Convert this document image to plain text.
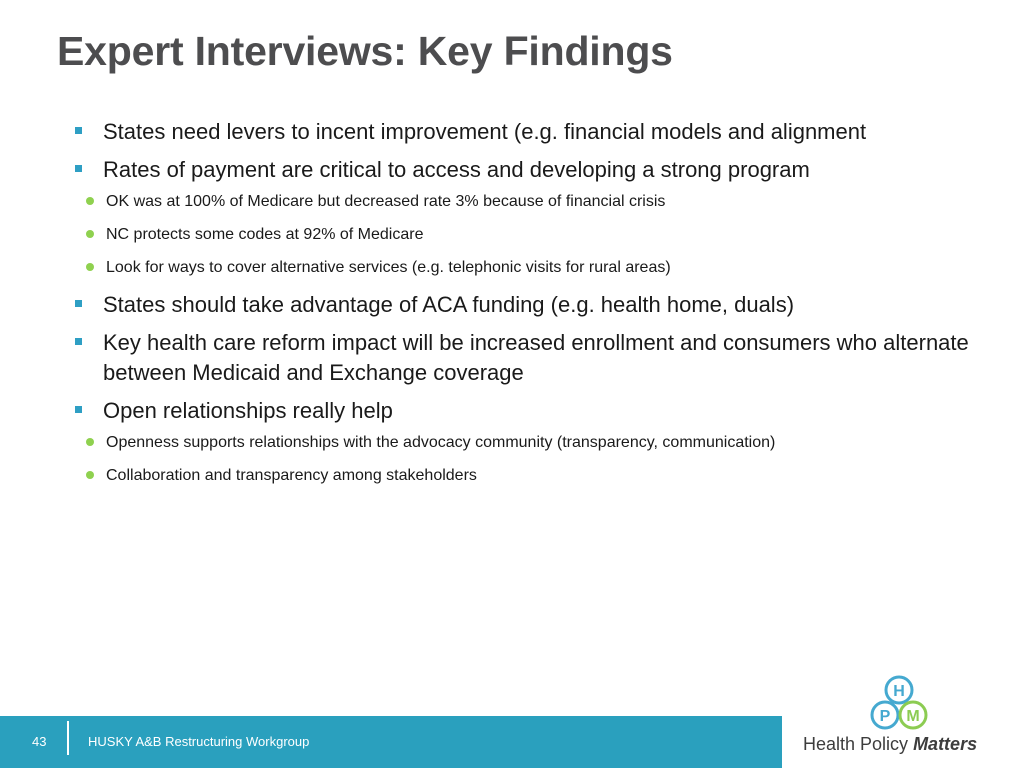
Expert Interviews: Key Findings
States need levers to incent improvement (e.g. financial models and alignment
Rates of payment are critical to access and developing a strong program
OK was at 100% of Medicare but decreased rate 3% because of financial crisis
NC protects some codes at 92% of Medicare
Look for ways to cover alternative services (e.g. telephonic visits for rural areas)
States should take advantage of ACA funding (e.g. health home, duals)
Key health care reform impact will be increased enrollment and consumers who alternate between Medicaid and Exchange coverage
Open relationships really help
Openness supports relationships with the advocacy community (transparency, communication)
Collaboration and transparency among stakeholders
43	HUSKY A&B Restructuring Workgroup
H
P M
Health Policy Matters
